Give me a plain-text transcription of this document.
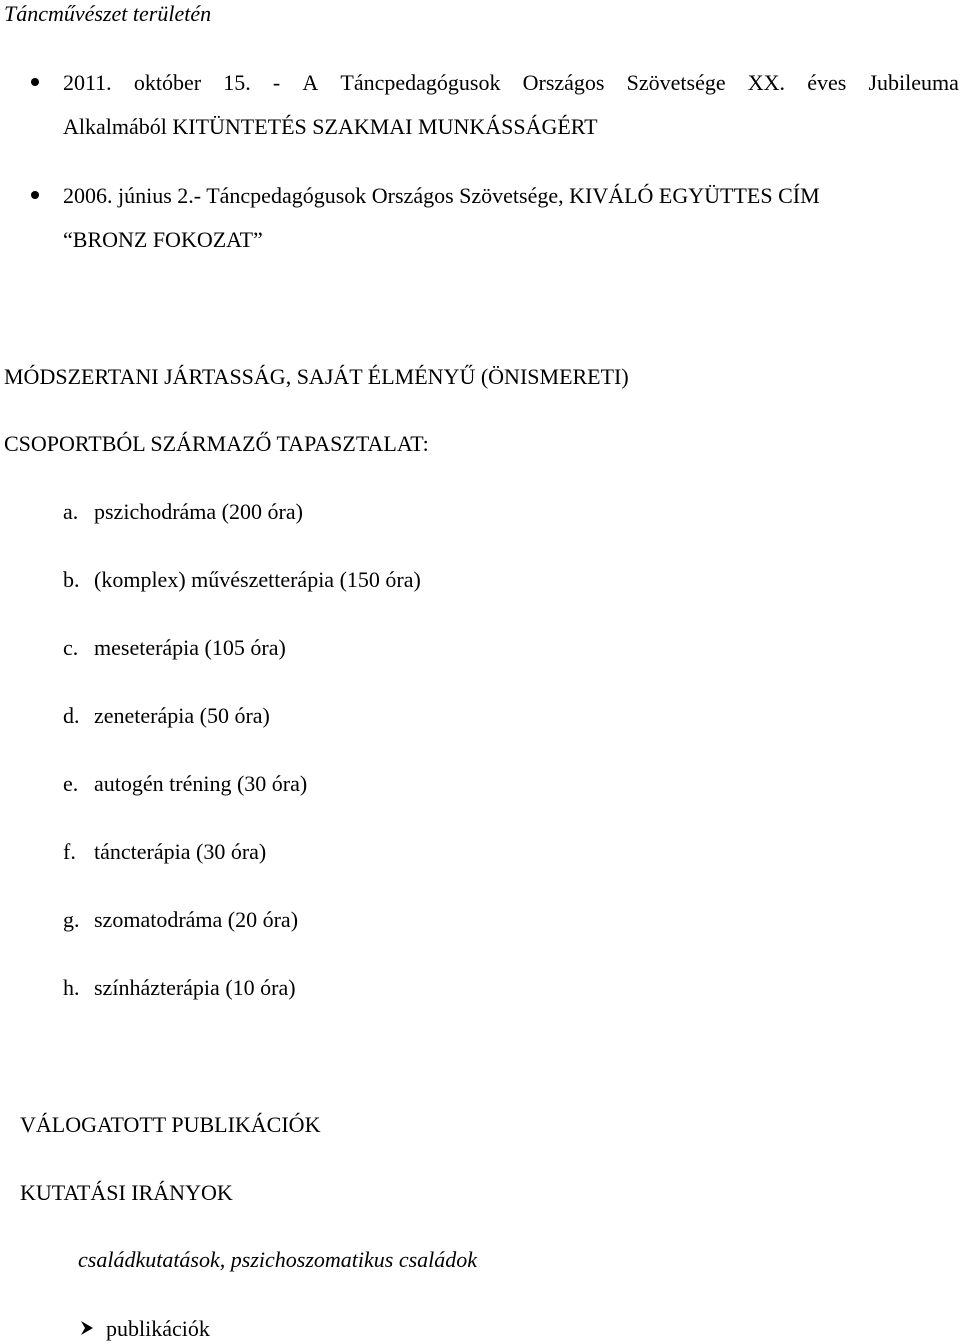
Táncművészet területén
2011. október 15. - A Táncpedagógusok Országos Szövetsége XX. éves Jubileuma
Alkalmából KITÜNTETÉS SZAKMAI MUNKÁSSÁGÉRT
2006. június 2.- Táncpedagógusok Országos Szövetsége, KIVÁLÓ EGYÜTTES CÍM
“BRONZ FOKOZAT”
MÓDSZERTANI JÁRTASSÁG, SAJÁT ÉLMÉNYŰ (ÖNISMERETI)
CSOPORTBÓL SZÁRMAZŐ TAPASZTALAT:
a. pszichodráma (200 óra)
b. (komplex) művészetterápia (150 óra)
c. meseterápia (105 óra)
d. zeneterápia (50 óra)
e. autogén tréning (30 óra)
f. táncterápia (30 óra)
g. szomatodráma (20 óra)
h. színházterápia (10 óra)
VÁLOGATOTT PUBLIKÁCIÓK
KUTATÁSI IRÁNYOK
családkutatások, pszichoszomatikus családok
publikációk
